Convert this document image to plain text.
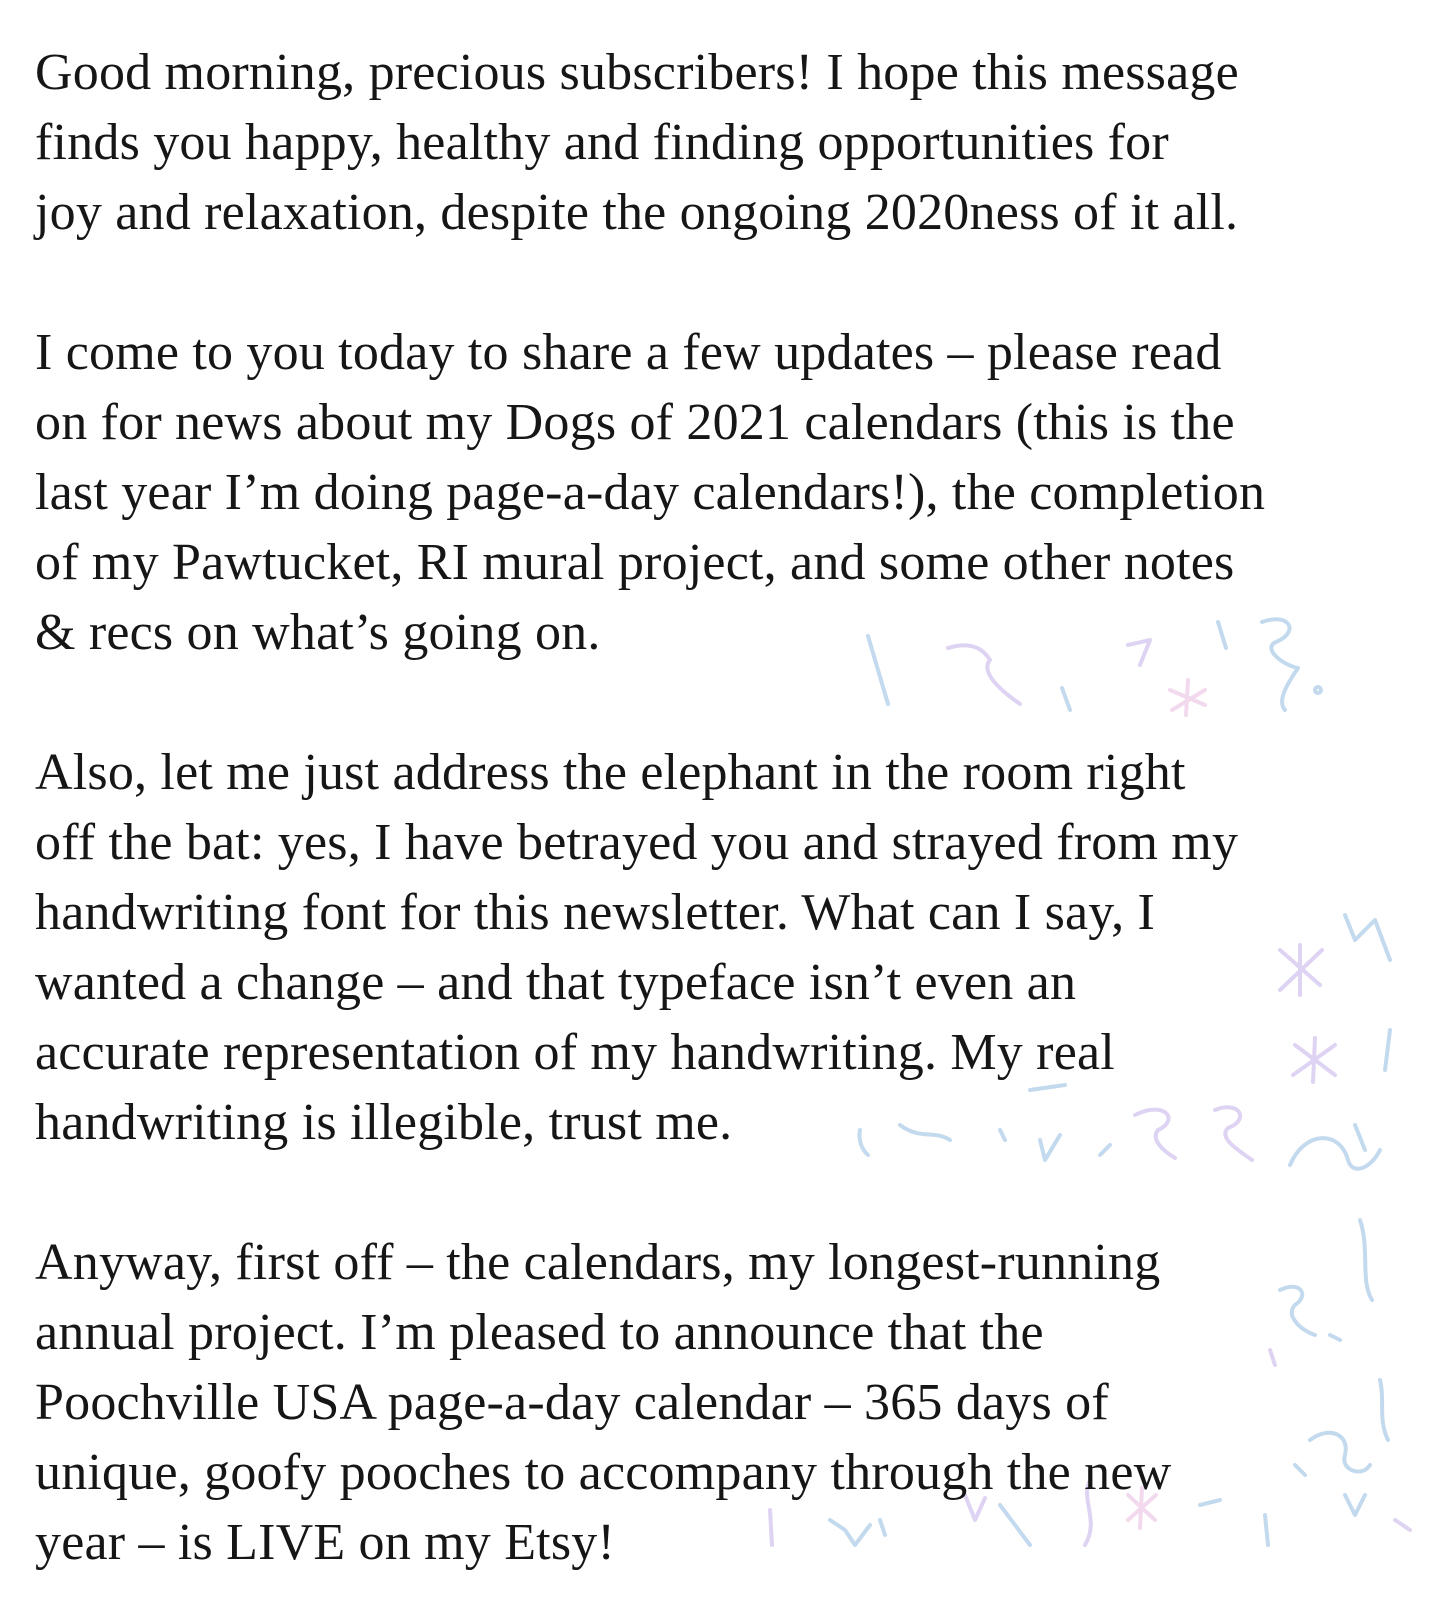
Good morning, precious subscribers! I hope this message
finds you happy, healthy and finding opportunities for
joy and relaxation, despite the ongoing 2020ness of it all.

I come to you today to share a few updates – please read
on for news about my Dogs of 2021 calendars (this is the
last year I’m doing page-a-day calendars!), the completion
of my Pawtucket, RI mural project, and some other notes
& recs on what’s going on.

Also, let me just address the elephant in the room right
off the bat: yes, I have betrayed you and strayed from my
handwriting font for this newsletter. What can I say, I
wanted a change – and that typeface isn’t even an
accurate representation of my handwriting. My real
handwriting is illegible, trust me.

Anyway, first off – the calendars, my longest-running
annual project. I’m pleased to announce that the
Poochville USA page-a-day calendar – 365 days of
unique, goofy pooches to accompany through the new
year – is LIVE on my Etsy!
